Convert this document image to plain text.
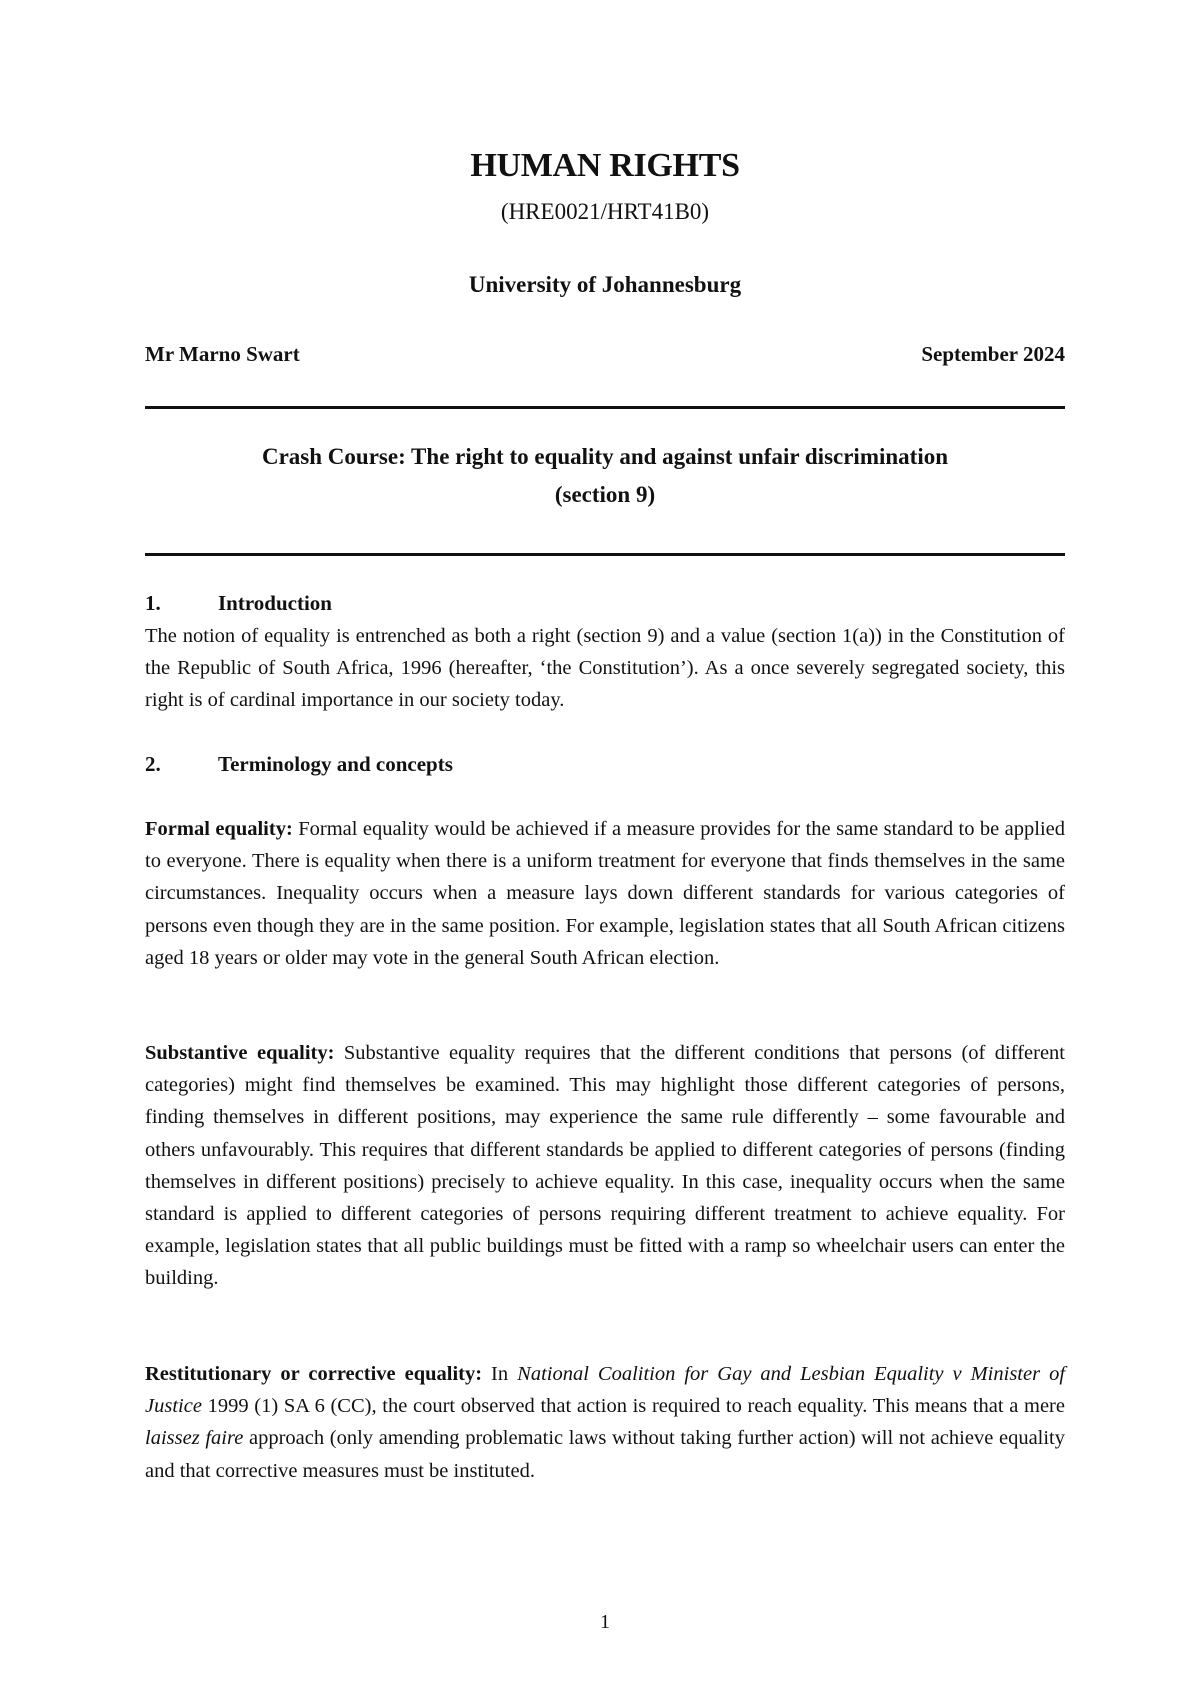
HUMAN RIGHTS
(HRE0021/HRT41B0)
University of Johannesburg
Mr Marno Swart	September 2024
Crash Course: The right to equality and against unfair discrimination
(section 9)
1.	Introduction
The notion of equality is entrenched as both a right (section 9) and a value (section 1(a)) in the Constitution of the Republic of South Africa, 1996 (hereafter, ‘the Constitution’). As a once severely segregated society, this right is of cardinal importance in our society today.
2.	Terminology and concepts
Formal equality: Formal equality would be achieved if a measure provides for the same standard to be applied to everyone. There is equality when there is a uniform treatment for everyone that finds themselves in the same circumstances. Inequality occurs when a measure lays down different standards for various categories of persons even though they are in the same position. For example, legislation states that all South African citizens aged 18 years or older may vote in the general South African election.
Substantive equality: Substantive equality requires that the different conditions that persons (of different categories) might find themselves be examined. This may highlight those different categories of persons, finding themselves in different positions, may experience the same rule differently – some favourable and others unfavourably. This requires that different standards be applied to different categories of persons (finding themselves in different positions) precisely to achieve equality. In this case, inequality occurs when the same standard is applied to different categories of persons requiring different treatment to achieve equality. For example, legislation states that all public buildings must be fitted with a ramp so wheelchair users can enter the building.
Restitutionary or corrective equality: In National Coalition for Gay and Lesbian Equality v Minister of Justice 1999 (1) SA 6 (CC), the court observed that action is required to reach equality. This means that a mere laissez faire approach (only amending problematic laws without taking further action) will not achieve equality and that corrective measures must be instituted.
1
